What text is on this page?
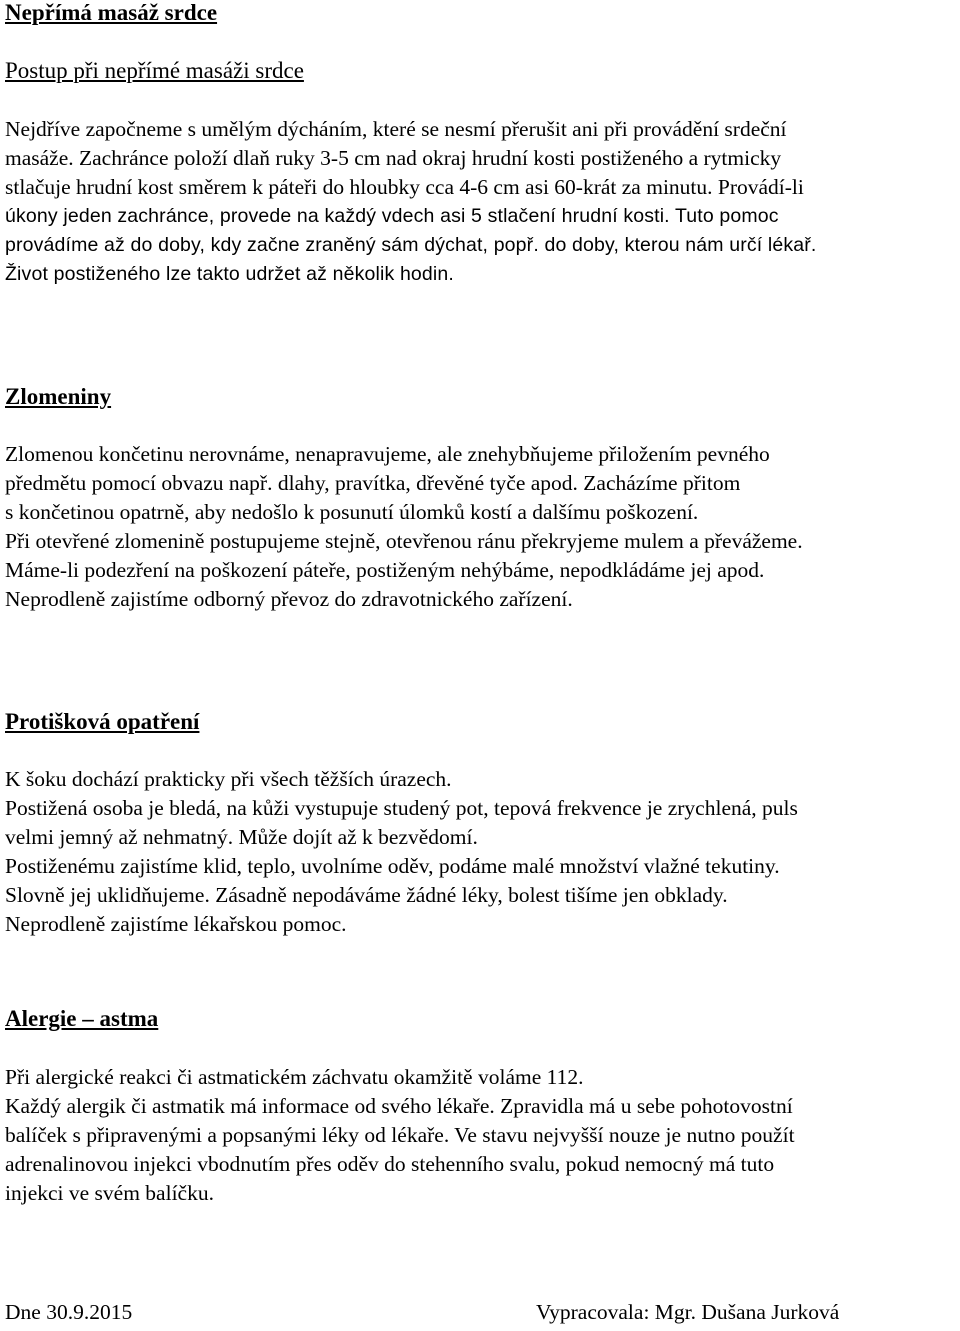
Nepřímá masáž srdce
Postup při nepřímé masáži srdce
Nejdříve započneme s umělým dýcháním, které se nesmí přerušit ani při provádění srdeční
masáže. Zachránce položí dlaň ruky 3-5 cm nad okraj hrudní kosti postiženého a rytmicky
stlačuje hrudní kost směrem k páteři do hloubky cca 4-6 cm asi 60-krát za minutu. Provádí-li
úkony jeden zachránce, provede na každý vdech asi 5 stlačení hrudní kosti. Tuto pomoc
provádíme až do doby, kdy začne zraněný sám dýchat, popř. do doby, kterou nám určí lékař.
Život postiženého lze takto udržet až několik hodin.
Zlomeniny
Zlomenou končetinu nerovnáme, nenapravujeme, ale znehybňujeme přiložením pevného
předmětu pomocí obvazu např. dlahy, pravítka, dřevěné tyče apod. Zacházíme přitom
s končetinou opatrně, aby nedošlo k posunutí úlomků kostí a dalšímu poškození.
Při otevřené zlomenině postupujeme stejně, otevřenou ránu překryjeme mulem a převážeme.
Máme-li podezření na poškození páteře, postiženým nehýbáme, nepodkládáme jej apod.
Neprodleně zajistíme odborný převoz do zdravotnického zařízení.
Protišková opatření
K šoku dochází prakticky při všech těžších úrazech.
Postižená osoba je bledá, na kůži vystupuje studený pot, tepová frekvence je zrychlená, puls
velmi jemný až nehmatný. Může dojít až k bezvědomí.
Postiženému zajistíme klid, teplo, uvolníme oděv, podáme malé množství vlažné tekutiny.
Slovně jej uklidňujeme. Zásadně nepodáváme žádné léky, bolest tišíme jen obklady.
Neprodleně zajistíme lékařskou pomoc.
Alergie – astma
Při alergické reakci či astmatickém záchvatu okamžitě voláme 112.
Každý alergik či astmatik má informace od svého lékaře. Zpravidla má u sebe pohotovostní
balíček s připravenými a popsanými léky od lékaře. Ve stavu nejvyšší nouze je nutno použít
adrenalinovou injekci vbodnutím přes oděv do stehenního svalu, pokud nemocný má tuto
injekci ve svém balíčku.
Dne 30.9.2015	Vypracovala: Mgr. Dušana Jurková
